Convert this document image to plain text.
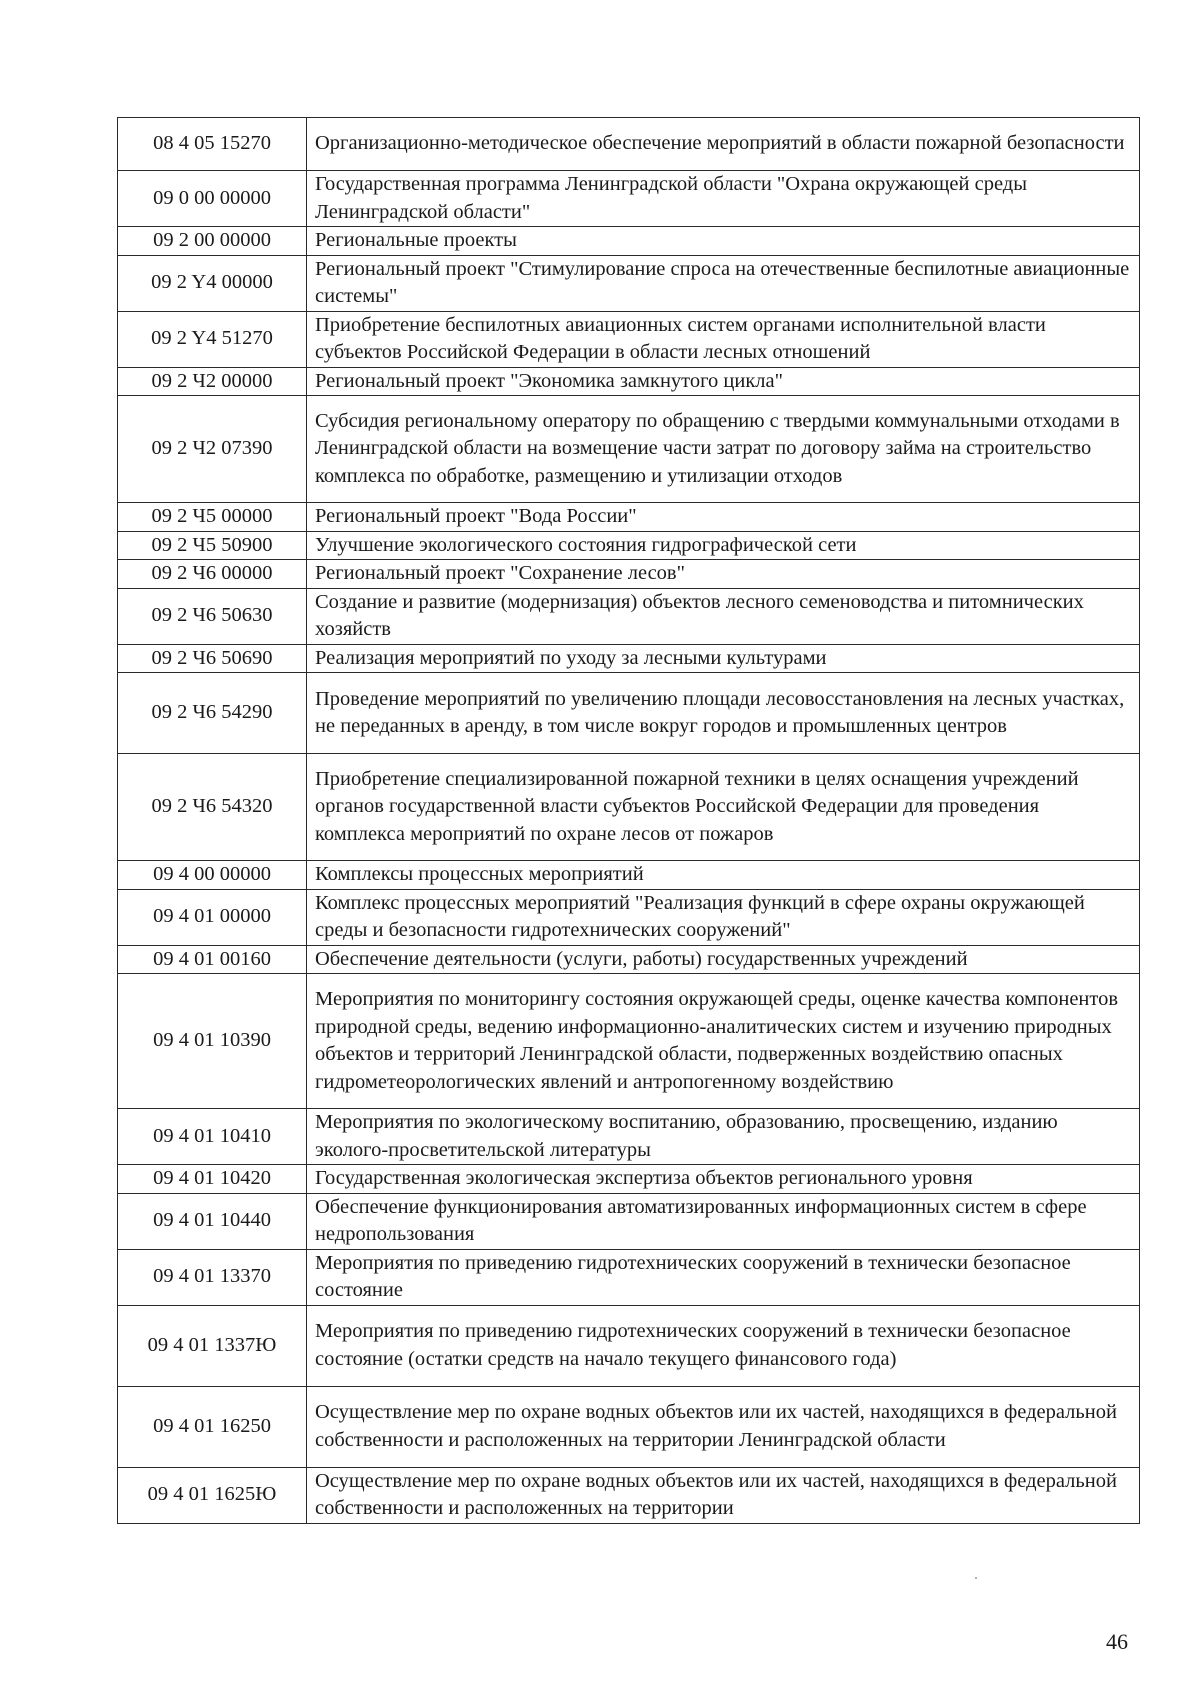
08 4 05 15270	Организационно-методическое обеспечение мероприятий в области пожарной безопасности
09 0 00 00000	Государственная программа Ленинградской области "Охрана окружающей среды Ленинградской области"
09 2 00 00000	Региональные проекты
09 2 Y4 00000	Региональный проект "Стимулирование спроса на отечественные беспилотные авиационные системы"
09 2 Y4 51270	Приобретение беспилотных авиационных систем органами исполнительной власти субъектов Российской Федерации в области лесных отношений
09 2 Ч2 00000	Региональный проект "Экономика замкнутого цикла"
09 2 Ч2 07390	Субсидия региональному оператору по обращению с твердыми коммунальными отходами в Ленинградской области на возмещение части затрат по договору займа на строительство комплекса по обработке, размещению и утилизации отходов
09 2 Ч5 00000	Региональный проект "Вода России"
09 2 Ч5 50900	Улучшение экологического состояния гидрографической сети
09 2 Ч6 00000	Региональный проект "Сохранение лесов"
09 2 Ч6 50630	Создание и развитие (модернизация) объектов лесного семеноводства и питомнических хозяйств
09 2 Ч6 50690	Реализация мероприятий по уходу за лесными культурами
09 2 Ч6 54290	Проведение мероприятий по увеличению площади лесовосстановления на лесных участках, не переданных в аренду, в том числе вокруг городов и промышленных центров
09 2 Ч6 54320	Приобретение специализированной пожарной техники в целях оснащения учреждений органов государственной власти субъектов Российской Федерации для проведения комплекса мероприятий по охране лесов от пожаров
09 4 00 00000	Комплексы процессных мероприятий
09 4 01 00000	Комплекс процессных мероприятий "Реализация функций в сфере охраны окружающей среды и безопасности гидротехнических сооружений"
09 4 01 00160	Обеспечение деятельности (услуги, работы) государственных учреждений
09 4 01 10390	Мероприятия по мониторингу состояния окружающей среды, оценке качества компонентов природной среды, ведению информационно-аналитических систем и изучению природных объектов и территорий Ленинградской области, подверженных воздействию опасных гидрометеорологических явлений и антропогенному воздействию
09 4 01 10410	Мероприятия по экологическому воспитанию, образованию, просвещению, изданию эколого-просветительской литературы
09 4 01 10420	Государственная экологическая экспертиза объектов регионального уровня
09 4 01 10440	Обеспечение функционирования автоматизированных информационных систем в сфере недропользования
09 4 01 13370	Мероприятия по приведению гидротехнических сооружений в технически безопасное состояние
09 4 01 1337Ю	Мероприятия по приведению гидротехнических сооружений в технически безопасное состояние (остатки средств на начало текущего финансового года)
09 4 01 16250	Осуществление мер по охране водных объектов или их частей, находящихся в федеральной собственности и расположенных на территории Ленинградской области
09 4 01 1625Ю	Осуществление мер по охране водных объектов или их частей, находящихся в федеральной собственности и расположенных на территории
46
